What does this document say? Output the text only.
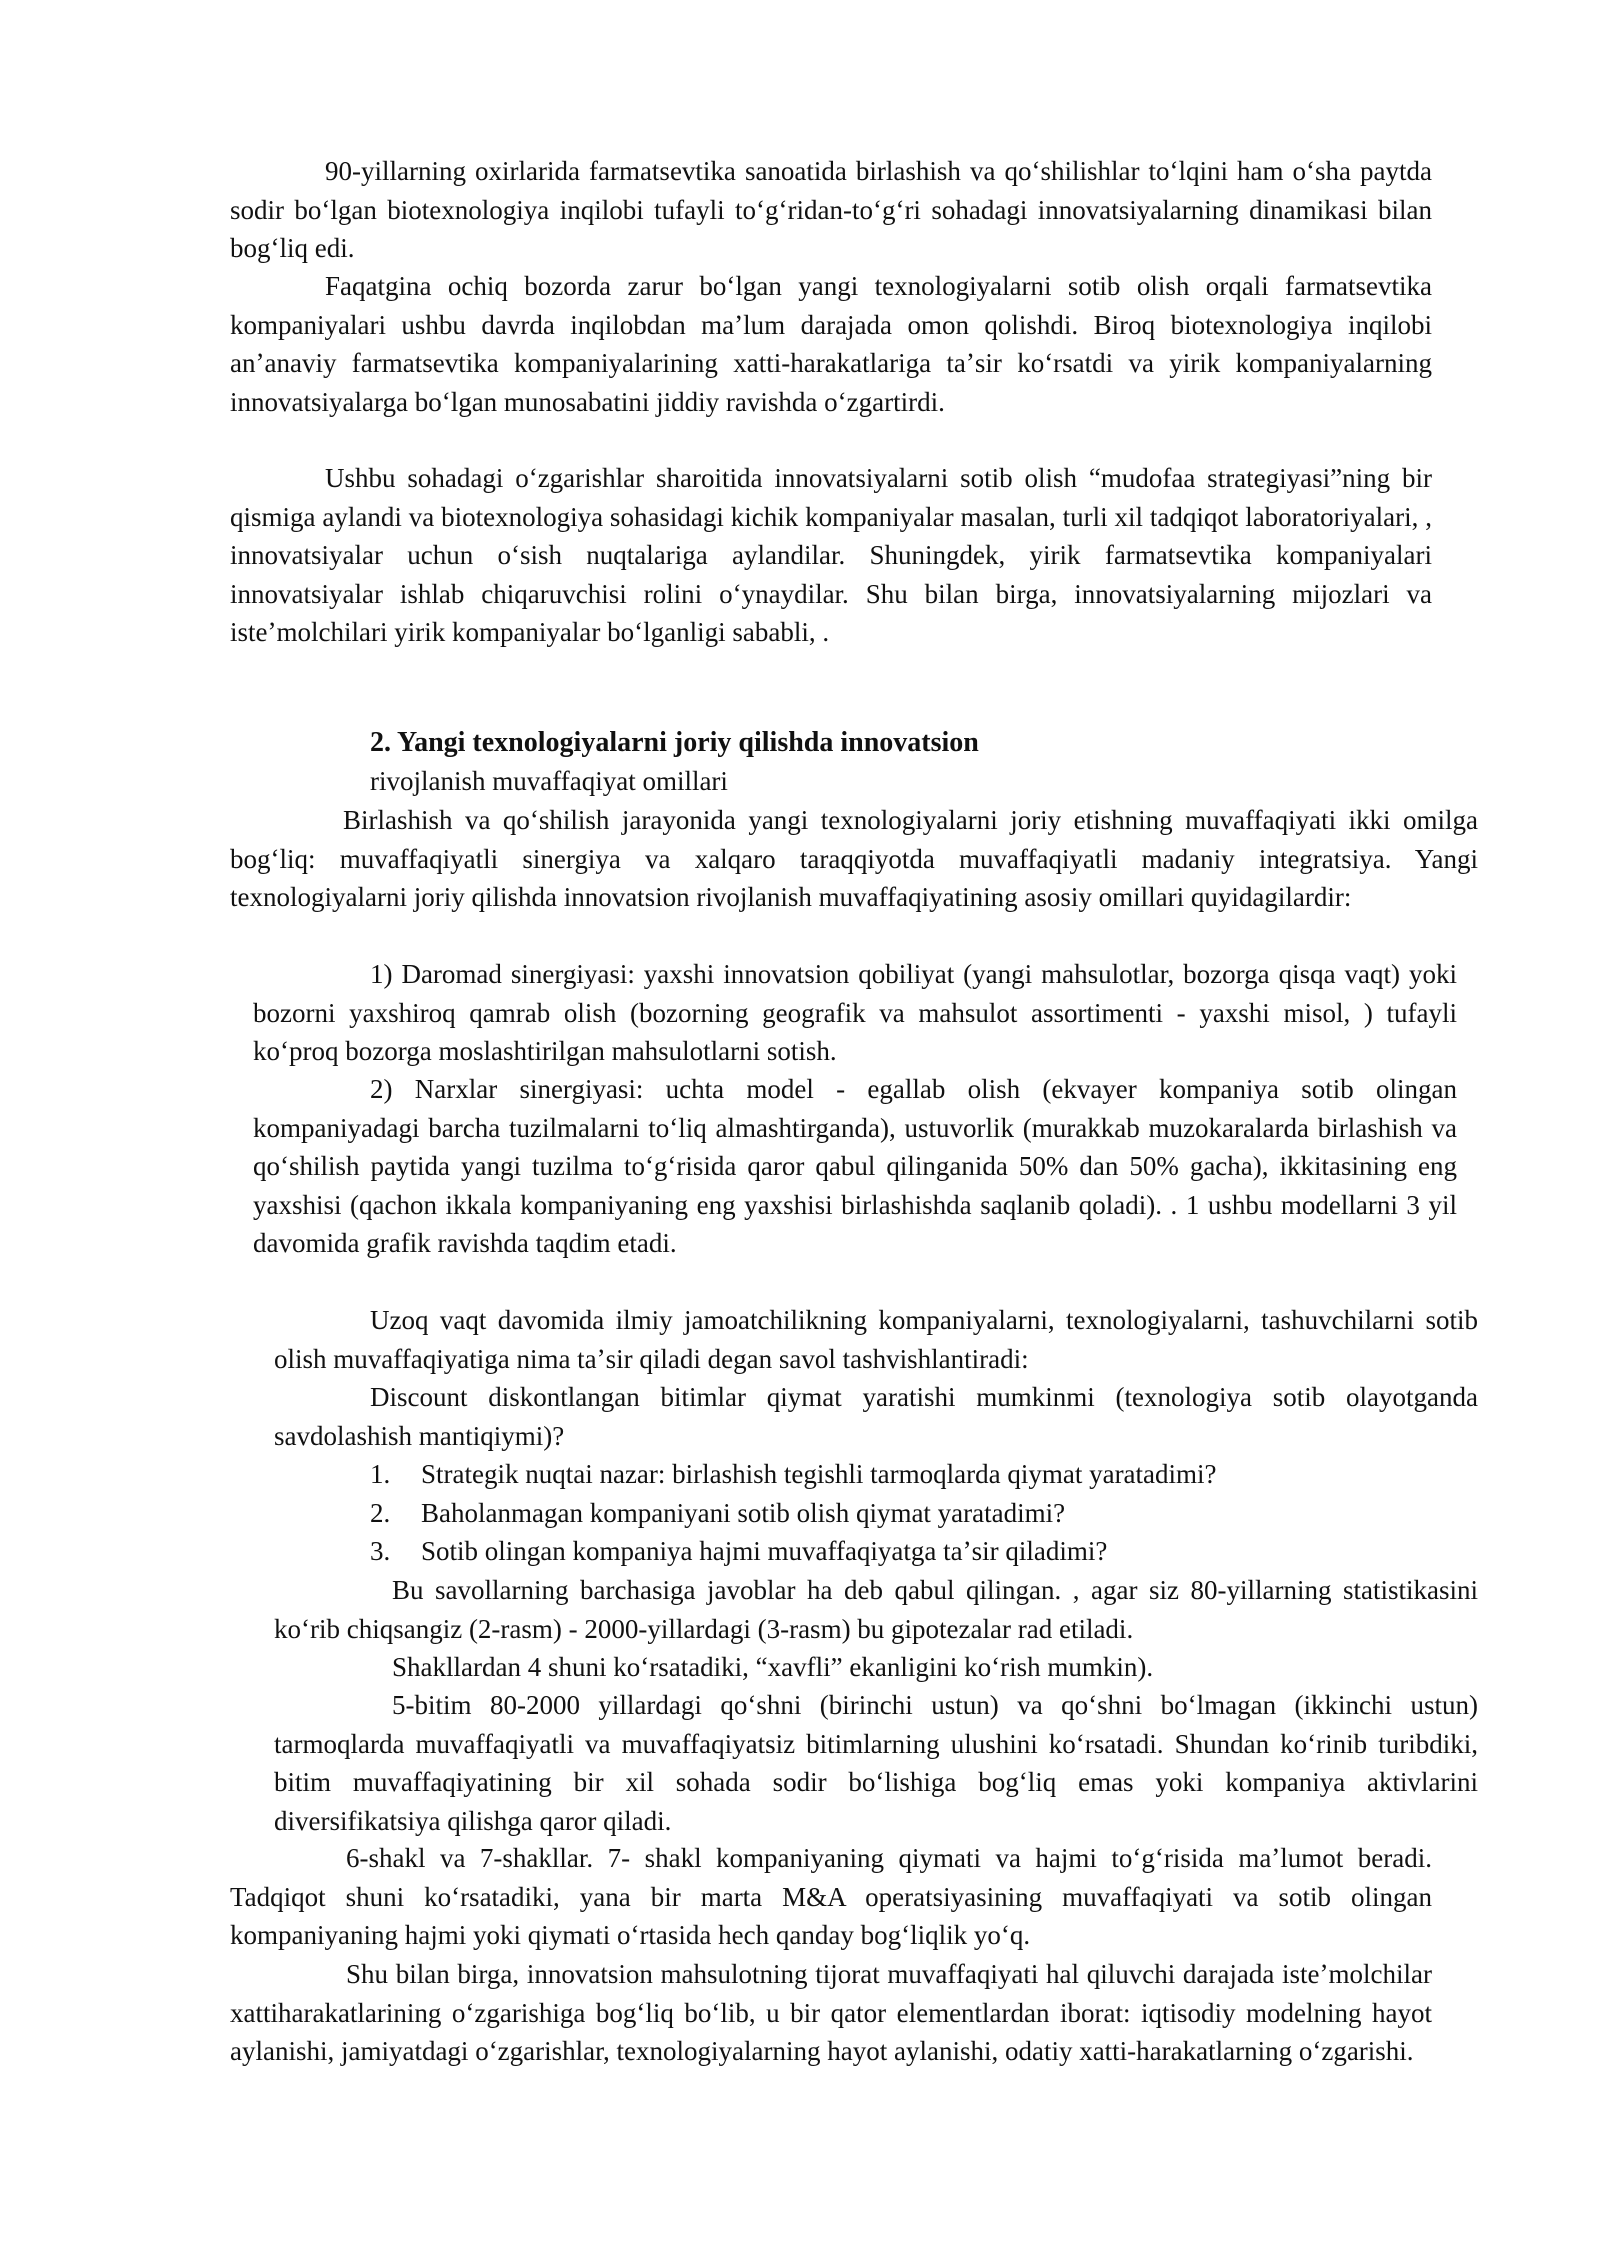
90-yillarning oxirlarida farmatsevtika sanoatida birlashish va qoʻshilishlar toʻlqini ham oʻsha paytda sodir boʻlgan biotexnologiya inqilobi tufayli toʻgʻridan-toʻgʻri sohadagi innovatsiyalarning dinamikasi bilan bogʻliq edi.

Faqatgina ochiq bozorda zarur boʻlgan yangi texnologiyalarni sotib olish orqali farmatsevtika kompaniyalari ushbu davrda inqilobdan maʼlum darajada omon qolishdi. Biroq biotexnologiya inqilobi anʼanaviy farmatsevtika kompaniyalarining xatti-harakatlariga taʼsir koʻrsatdi va yirik kompaniyalarning innovatsiyalarga boʻlgan munosabatini jiddiy ravishda oʻzgartirdi.

Ushbu sohadagi oʻzgarishlar sharoitida innovatsiyalarni sotib olish “mudofaa strategiyasi”ning bir qismiga aylandi va biotexnologiya sohasidagi kichik kompaniyalar masalan, turli xil tadqiqot laboratoriyalari, , innovatsiyalar uchun oʻsish nuqtalariga aylandilar. Shuningdek, yirik farmatsevtika kompaniyalari innovatsiyalar ishlab chiqaruvchisi rolini oʻynaydilar. Shu bilan birga, innovatsiyalarning mijozlari va isteʼmolchilari yirik kompaniyalar boʻlganligi sababli, .

2. Yangi texnologiyalarni joriy qilishda innovatsion

rivojlanish muvaffaqiyat omillari

Birlashish va qoʻshilish jarayonida yangi texnologiyalarni joriy etishning muvaffaqiyati ikki omilga bogʻliq: muvaffaqiyatli sinergiya va xalqaro taraqqiyotda muvaffaqiyatli madaniy integratsiya. Yangi texnologiyalarni joriy qilishda innovatsion rivojlanish muvaffaqiyatining asosiy omillari quyidagilardir:

1) Daromad sinergiyasi: yaxshi innovatsion qobiliyat (yangi mahsulotlar, bozorga qisqa vaqt) yoki bozorni yaxshiroq qamrab olish (bozorning geografik va mahsulot assortimenti - yaxshi misol, ) tufayli koʻproq bozorga moslashtirilgan mahsulotlarni sotish.

2) Narxlar sinergiyasi: uchta model - egallab olish (ekvayer kompaniya sotib olingan kompaniyadagi barcha tuzilmalarni toʻliq almashtirganda), ustuvorlik (murakkab muzokaralarda birlashish va qoʻshilish paytida yangi tuzilma toʻgʻrisida qaror qabul qilinganida 50% dan 50% gacha), ikkitasining eng yaxshisi (qachon ikkala kompaniyaning eng yaxshisi birlashishda saqlanib qoladi). . 1 ushbu modellarni 3 yil davomida grafik ravishda taqdim etadi.

Uzoq vaqt davomida ilmiy jamoatchilikning kompaniyalarni, texnologiyalarni, tashuvchilarni sotib olish muvaffaqiyatiga nima taʼsir qiladi degan savol tashvishlantiradi:

Discount diskontlangan bitimlar qiymat yaratishi mumkinmi (texnologiya sotib olayotganda savdolashish mantiqiymi)?

1. Strategik nuqtai nazar: birlashish tegishli tarmoqlarda qiymat yaratadimi?
2. Baholanmagan kompaniyani sotib olish qiymat yaratadimi?
3. Sotib olingan kompaniya hajmi muvaffaqiyatga taʼsir qiladimi?

Bu savollarning barchasiga javoblar ha deb qabul qilingan. , agar siz 80-yillarning statistikasini koʻrib chiqsangiz (2-rasm) - 2000-yillardagi (3-rasm) bu gipotezalar rad etiladi.

Shakllardan 4 shuni koʻrsatadiki, “xavfli” ekanligini koʻrish mumkin).

5-bitim 80-2000 yillardagi qoʻshni (birinchi ustun) va qoʻshni boʻlmagan (ikkinchi ustun) tarmoqlarda muvaffaqiyatli va muvaffaqiyatsiz bitimlarning ulushini koʻrsatadi. Shundan koʻrinib turibdiki, bitim muvaffaqiyatining bir xil sohada sodir boʻlishiga bogʻliq emas yoki kompaniya aktivlarini diversifikatsiya qilishga qaror qiladi.

6-shakl va 7-shakllar. 7- shakl kompaniyaning qiymati va hajmi toʻgʻrisida maʼlumot beradi. Tadqiqot shuni koʻrsatadiki, yana bir marta M&A operatsiyasining muvaffaqiyati va sotib olingan kompaniyaning hajmi yoki qiymati oʻrtasida hech qanday bogʻliqlik yoʻq.

Shu bilan birga, innovatsion mahsulotning tijorat muvaffaqiyati hal qiluvchi darajada isteʼmolchilar xattiharakatlarining oʻzgarishiga bogʻliq boʻlib, u bir qator elementlardan iborat: iqtisodiy modelning hayot aylanishi, jamiyatdagi oʻzgarishlar, texnologiyalarning hayot aylanishi, odatiy xatti-harakatlarning oʻzgarishi.
